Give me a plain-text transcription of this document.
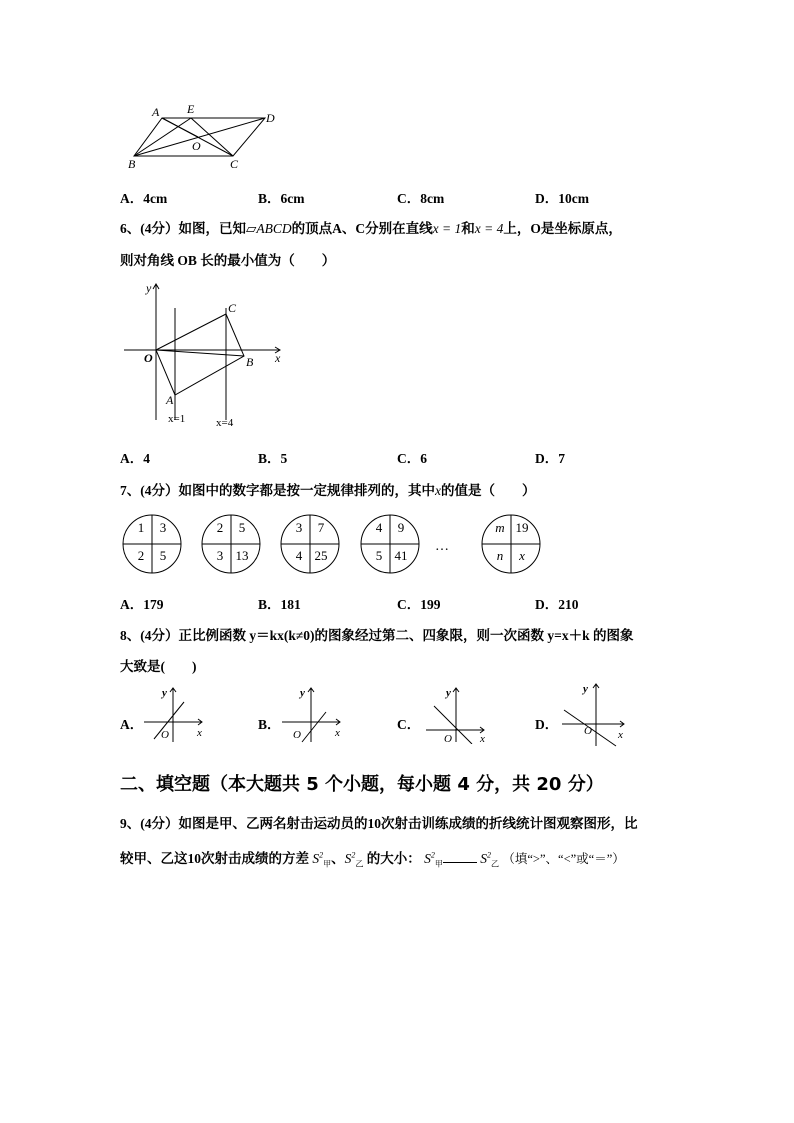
A E
D
O
B	C
A．4cm	B．6cm	C．8cm	D．10cm
6、(4分）如图，已知▱ABCD的顶点A、C分别在直线x = 1和x = 4上，O是坐标原点，
则对角线 OB 长的最小值为（　　）
y
x
O
C
B
A
x=1	x=4
A．4	B．5	C．6	D．7
7、(4分）如图中的数字都是按一定规律排列的，其中x的值是（　　）
1 3
2 5
2 5
3 13
3 7
4 25
4 9
5 41
m 19
n x
…
A．179	B．181	C．199	D．210
8、(4分）正比例函数 y＝kx(k≠0)的图象经过第二、四象限，则一次函数 y=x＋k 的图象
大致是(　　)
A．	B．	C．	D．
y
x
O
y
x
O
y
x
O
y
x
O
二、填空题（本大题共 5 个小题，每小题 4 分，共 20 分）
9、(4分）如图是甲、乙两名射击运动员的10次射击训练成绩的折线统计图观察图形，比
较甲、乙这10次射击成绩的方差 $S^2_甲$、$S^2_乙$ 的大小： $S^2_甲$	$S^2_乙$ （填“>”、“<”或“＝”）
